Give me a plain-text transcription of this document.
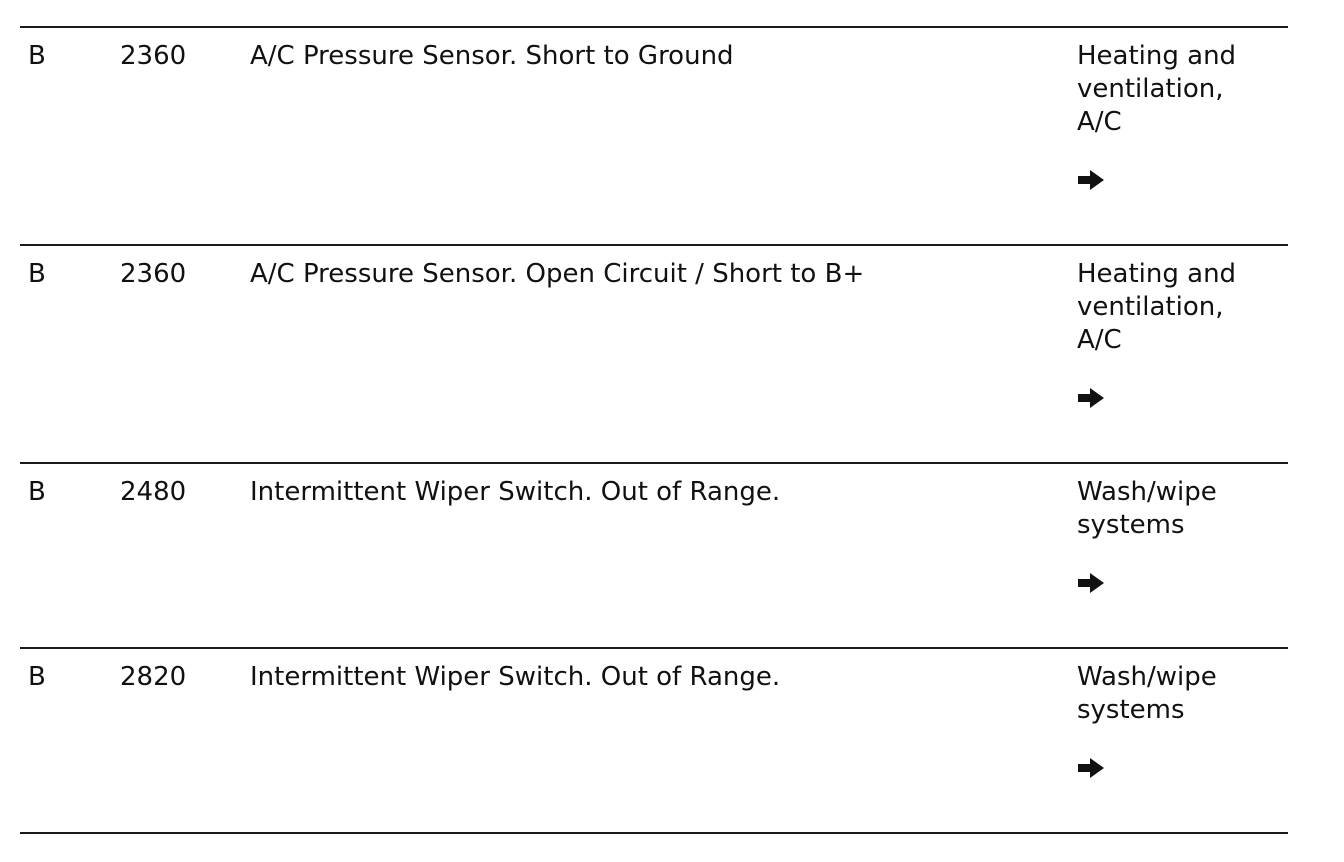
B	2360 A/C Pressure Sensor. Short to Ground	Heating and
ventilation,
A/C
B	2360 A/C Pressure Sensor. Open Circuit / Short to B+	Heating and
ventilation,
A/C
B	2480 Intermittent Wiper Switch. Out of Range.	Wash/wipe
systems
B	2820 Intermittent Wiper Switch. Out of Range.	Wash/wipe
systems
